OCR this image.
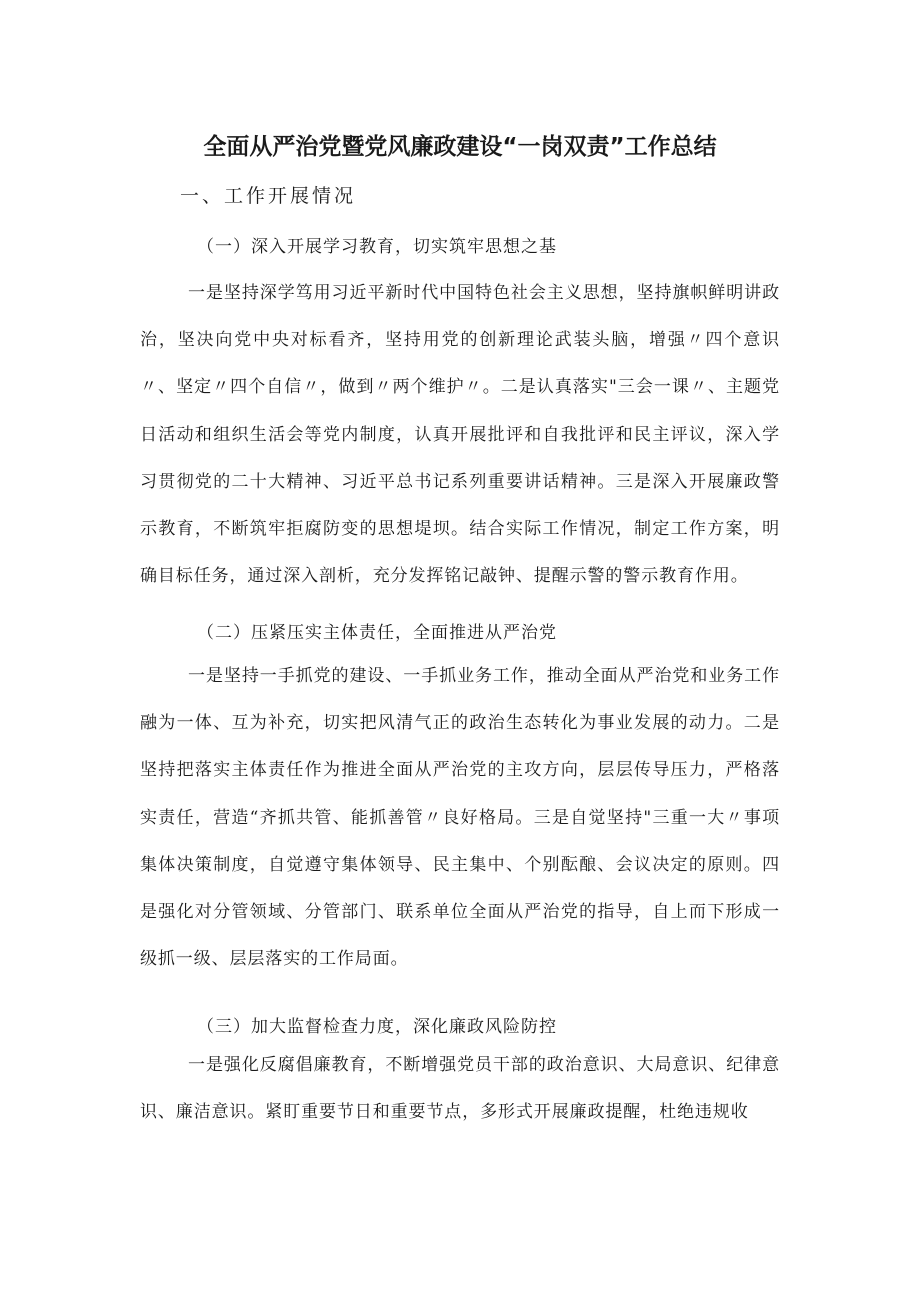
全面从严治党暨党风廉政建设“一岗双责”工作总结
一、工作开展情况
（一）深入开展学习教育，切实筑牢思想之基

一是坚持深学笃用习近平新时代中国特色社会主义思想，坚持旗帜鲜明讲政治，坚决向党中央对标看齐，坚持用党的创新理论武装头脑，增强〃四个意识〃、坚定〃四个自信〃，做到〃两个维护〃。二是认真落实"三会一课〃、主题党日活动和组织生活会等党内制度，认真开展批评和自我批评和民主评议，深入学习贯彻党的二十大精神、习近平总书记系列重要讲话精神。三是深入开展廉政警示教育，不断筑牢拒腐防变的思想堤坝。结合实际工作情况，制定工作方案，明确目标任务，通过深入剖析，充分发挥铭记敲钟、提醒示警的警示教育作用。

（二）压紧压实主体责任，全面推进从严治党

一是坚持一手抓党的建设、一手抓业务工作，推动全面从严治党和业务工作融为一体、互为补充，切实把风清气正的政治生态转化为事业发展的动力。二是坚持把落实主体责任作为推进全面从严治党的主攻方向，层层传导压力，严格落实责任，营造“齐抓共管、能抓善管〃良好格局。三是自觉坚持"三重一大〃事项集体决策制度，自觉遵守集体领导、民主集中、个别酝酿、会议决定的原则。四是强化对分管领域、分管部门、联系单位全面从严治党的指导，自上而下形成一级抓一级、层层落实的工作局面。

（三）加大监督检查力度，深化廉政风险防控

一是强化反腐倡廉教育，不断增强党员干部的政治意识、大局意识、纪律意识、廉洁意识。紧盯重要节日和重要节点，多形式开展廉政提醒，杜绝违规收
